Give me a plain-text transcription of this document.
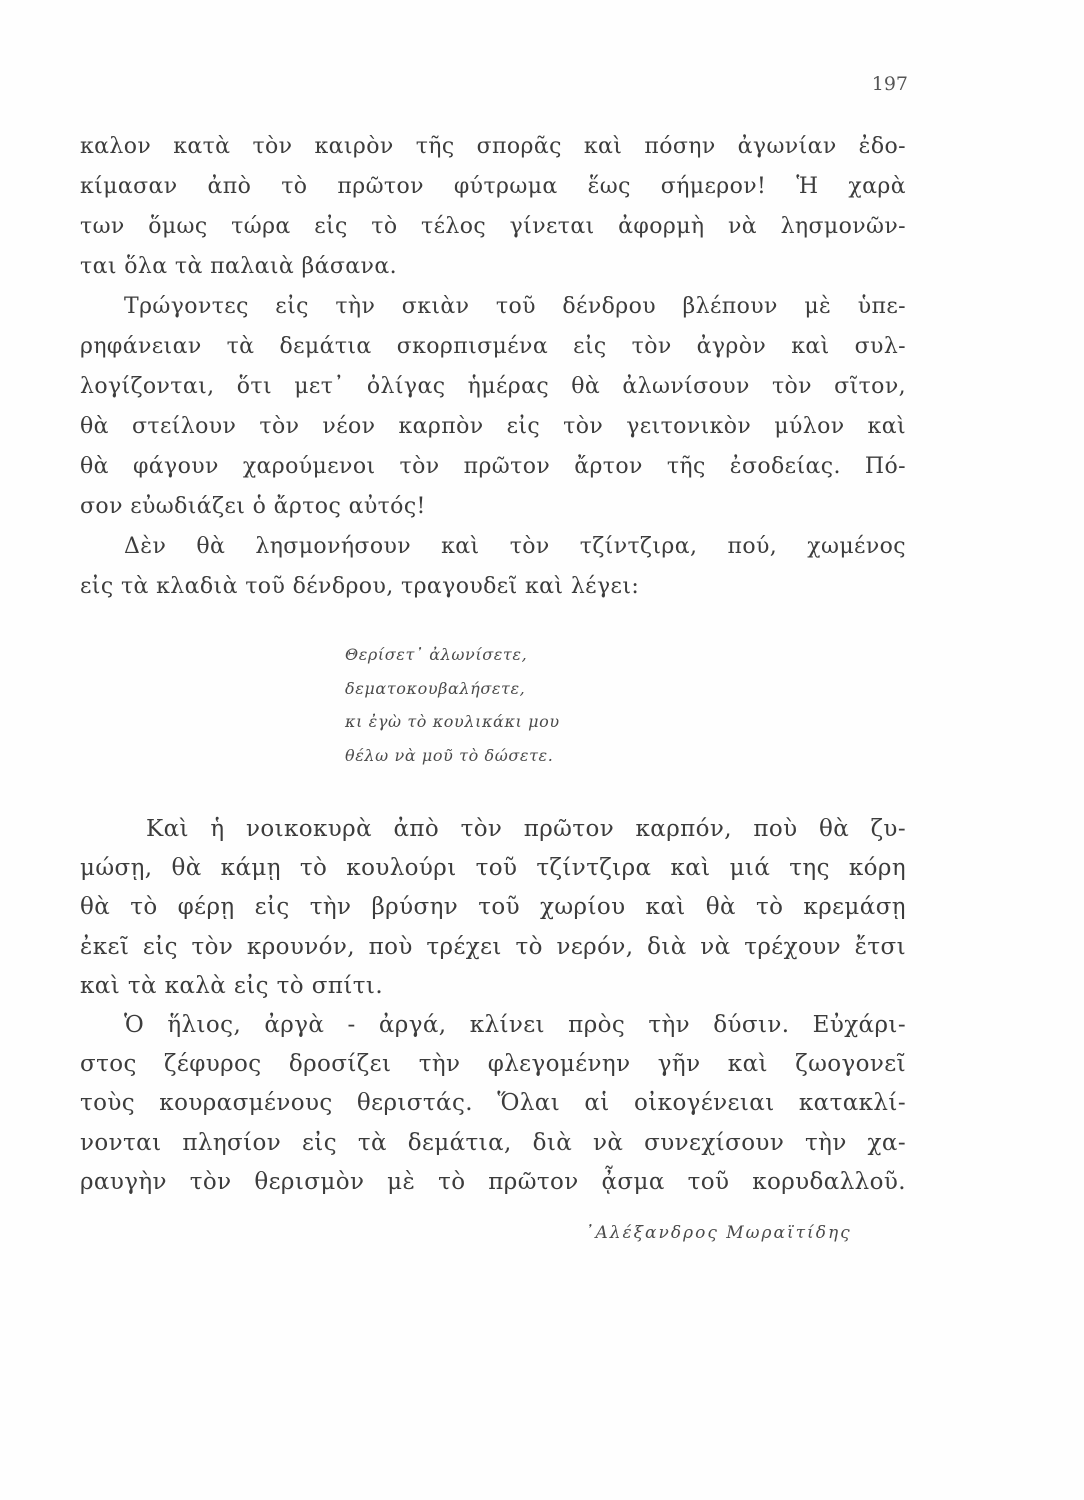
197
καλον κατὰ τὸν καιρὸν τῆς σπορᾶς καὶ πόσην ἀγωνίαν ἐδο-
κίμασαν ἀπὸ τὸ πρῶτον φύτρωμα ἕως σήμερον! Ἡ χαρὰ
των ὅμως τώρα εἰς τὸ τέλος γίνεται ἀφορμὴ νὰ λησμονῶν-
ται ὅλα τὰ παλαιὰ βάσανα.
Τρώγοντες εἰς τὴν σκιὰν τοῦ δένδρου βλέπουν μὲ ὑπε-
ρηφάνειαν τὰ δεμάτια σκορπισμένα εἰς τὸν ἀγρὸν καὶ συλ-
λογίζονται, ὅτι μετ᾽ ὀλίγας ἡμέρας θὰ ἀλωνίσουν τὸν σῖτον,
θὰ στείλουν τὸν νέον καρπὸν εἰς τὸν γειτονικὸν μύλον καὶ
θὰ φάγουν χαρούμενοι τὸν πρῶτον ἄρτον τῆς ἐσοδείας. Πό-
σον εὐωδιάζει ὁ ἄρτος αὐτός!
Δὲν θὰ λησμονήσουν καὶ τὸν τζίντζιρα, πού, χωμένος
εἰς τὰ κλαδιὰ τοῦ δένδρου, τραγουδεῖ καὶ λέγει:
Θερίσετ᾽ ἀλωνίσετε,
δεματοκουβαλήσετε,
κι ἐγὼ τὸ κουλικάκι μου
θέλω νὰ μοῦ τὸ δώσετε.
Καὶ ἡ νοικοκυρὰ ἀπὸ τὸν πρῶτον καρπόν, ποὺ θὰ ζυ-
μώσῃ, θὰ κάμῃ τὸ κουλούρι τοῦ τζίντζιρα καὶ μιά της κόρη
θὰ τὸ φέρῃ εἰς τὴν βρύσην τοῦ χωρίου καὶ θὰ τὸ κρεμάσῃ
ἐκεῖ εἰς τὸν κρουνόν, ποὺ τρέχει τὸ νερόν, διὰ νὰ τρέχουν ἔτσι
καὶ τὰ καλὰ εἰς τὸ σπίτι.
Ὁ ἥλιος, ἀργὰ - ἀργά, κλίνει πρὸς τὴν δύσιν. Εὐχάρι-
στος ζέφυρος δροσίζει τὴν φλεγομένην γῆν καὶ ζωογονεῖ
τοὺς κουρασμένους θεριστάς. Ὅλαι αἱ οἰκογένειαι κατακλί-
νονται πλησίον εἰς τὰ δεμάτια, διὰ νὰ συνεχίσουν τὴν χα-
ραυγὴν τὸν θερισμὸν μὲ τὸ πρῶτον ᾆσμα τοῦ κορυδαλλοῦ.
᾿Αλέξανδρος Μωραϊτίδης
